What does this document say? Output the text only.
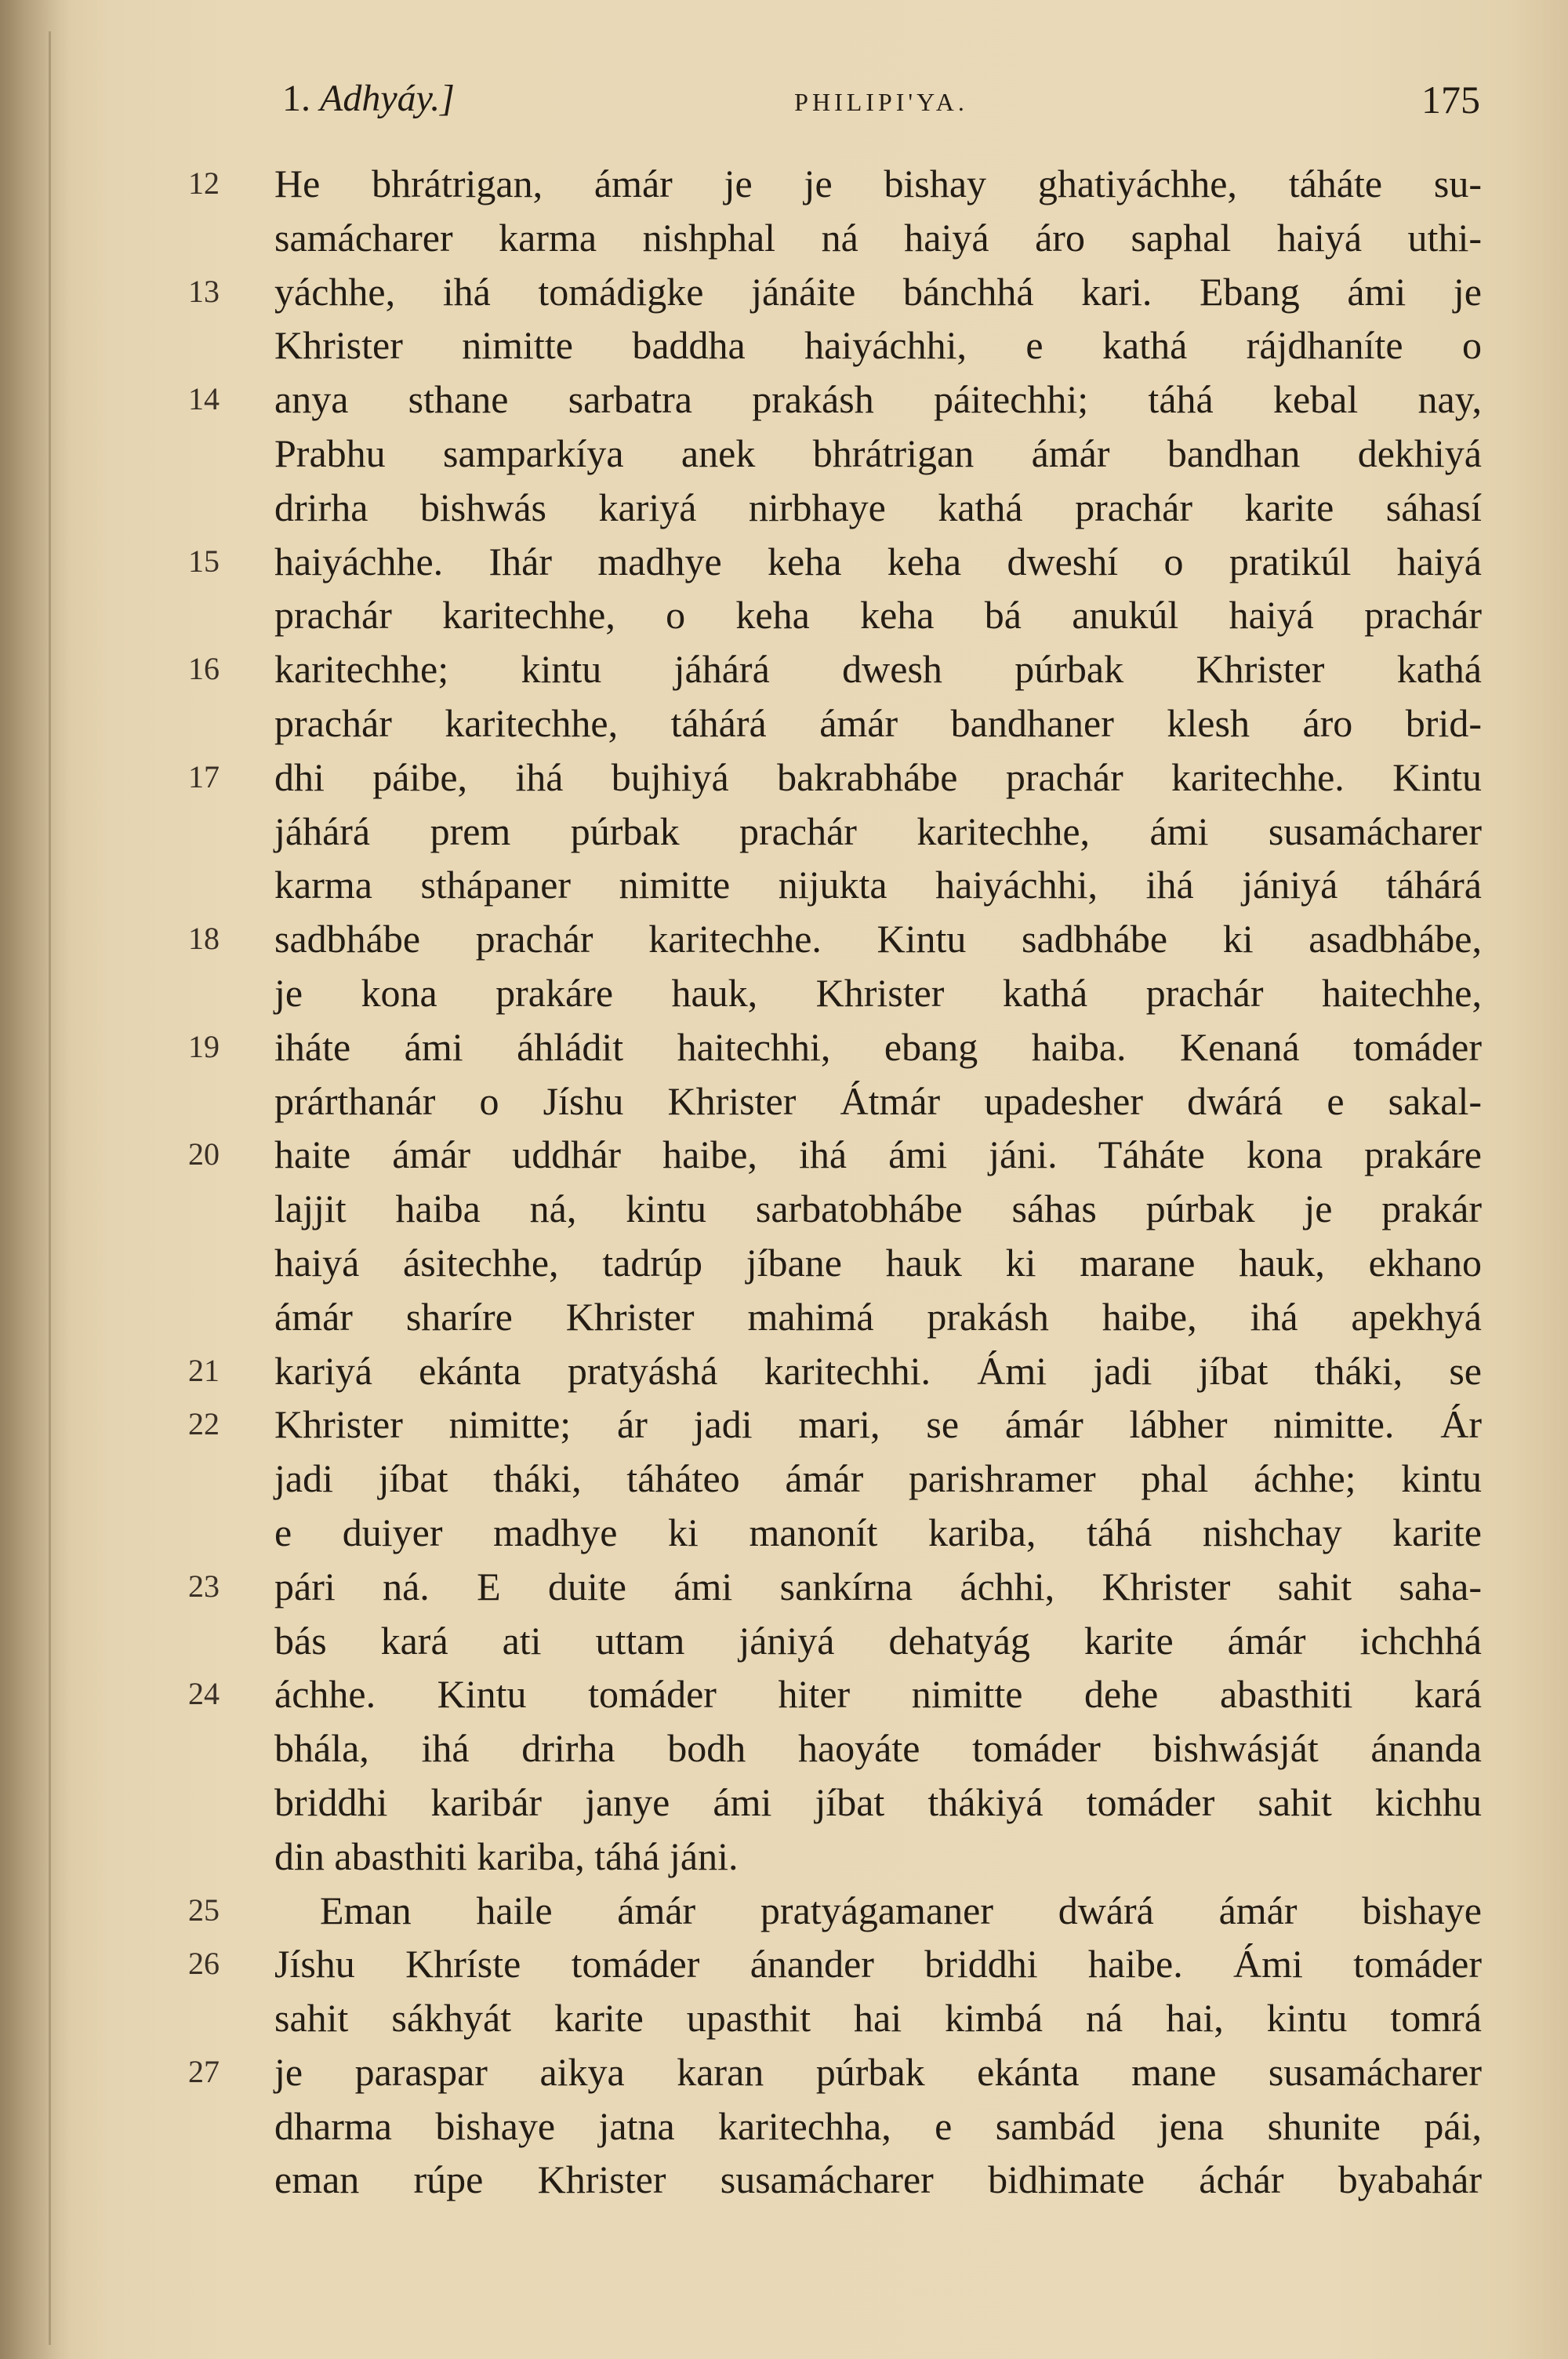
1. Adhyáy.]	PHILIPI'YA.	175
12	He bhrátrigan, ámár je je bishay ghatiyáchhe, táháte su-
samácharer karma nishphal ná haiyá áro saphal haiyá uthi-
13	yáchhe, ihá tomádigke jánáite bánchhá kari. Ebang ámi je
Khrister nimitte baddha haiyáchhi, e kathá rájdhaníte o
14	anya sthane sarbatra prakásh páitechhi; táhá kebal nay,
Prabhu samparkíya anek bhrátrigan ámár bandhan dekhiyá
drirha bishwás kariyá nirbhaye kathá prachár karite sáhasí
15	haiyáchhe. Ihár madhye keha keha dweshí o pratikúl haiyá
prachár karitechhe, o keha keha bá anukúl haiyá prachár
16	karitechhe; kintu jáhárá dwesh púrbak Khrister kathá
prachár karitechhe, táhárá ámár bandhaner klesh áro brid-
17	dhi páibe, ihá bujhiyá bakrabhábe prachár karitechhe. Kintu
jáhárá prem púrbak prachár karitechhe, ámi susamácharer
karma sthápaner nimitte nijukta haiyáchhi, ihá jániyá táhárá
18	sadbhábe prachár karitechhe. Kintu sadbhábe ki asadbhábe,
je kona prakáre hauk, Khrister kathá prachár haitechhe,
19	iháte ámi áhládit haitechhi, ebang haiba. Kenaná tomáder
prárthanár o Jíshu Khrister Átmár upadesher dwárá e sakal-
20	haite ámár uddhár haibe, ihá ámi jáni. Táháte kona prakáre
lajjit haiba ná, kintu sarbatobhábe sáhas púrbak je prakár
haiyá ásitechhe, tadrúp jíbane hauk ki marane hauk, ekhano
ámár sharíre Khrister mahimá prakásh haibe, ihá apekhyá
21	kariyá ekánta pratyáshá karitechhi. Ámi jadi jíbat tháki, se
22	Khrister nimitte; ár jadi mari, se ámár lábher nimitte. Ár
jadi jíbat tháki, táháteo ámár parishramer phal áchhe; kintu
e duiyer madhye ki manonít kariba, táhá nishchay karite
23	pári ná. E duite ámi sankírna áchhi, Khrister sahit saha-
bás kará ati uttam jániyá dehatyág karite ámár ichchhá
24	áchhe. Kintu tomáder hiter nimitte dehe abasthiti kará
bhála, ihá drirha bodh haoyáte tomáder bishwásját ánanda
briddhi karibár janye ámi jíbat thákiyá tomáder sahit kichhu
din abasthiti kariba, táhá jáni.
25	Eman haile ámár pratyágamaner dwárá ámár bishaye
26	Jíshu Khríste tomáder ánander briddhi haibe. Ámi tomáder
sahit sákhyát karite upasthit hai kimbá ná hai, kintu tomrá
27	je paraspar aikya karan púrbak ekánta mane susamácharer
dharma bishaye jatna karitechha, e sambád jena shunite pái,
eman rúpe Khrister susamácharer bidhimate áchár byabahár
